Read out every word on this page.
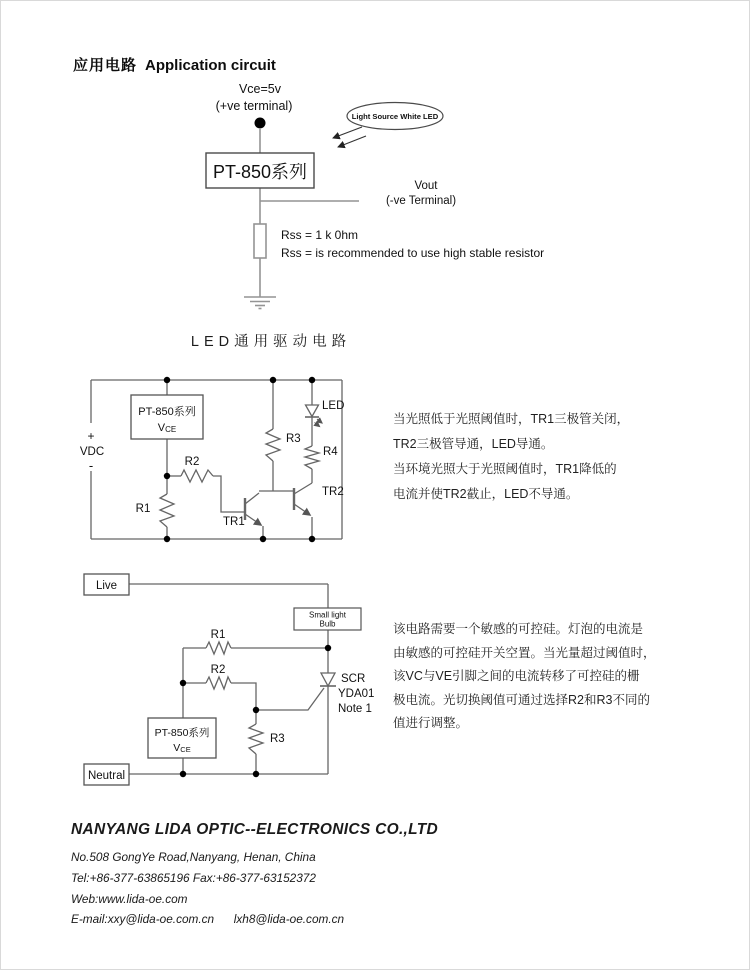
应用电路 Application circuit
PT-850系列
Light Source White LED
Vce=5v
(+ve terminal)
Vout
(-ve Terminal)
Rss = 1 k 0hm
Rss = is recommended to use high stable resistor
LED通用驱动电路
+
VDC
-
PT-850系列
VCE
R1
R2
R3
R4
LED
TR1
TR2
当光照低于光照阈值时，TR1三极管关闭，
TR2三极管导通，LED导通。
当环境光照大于光照阈值时，TR1降低的
电流并使TR2截止，LED不导通。
Live
Small light
Bulb
PT-850系列
VCE
Neutral
R1
R2
R3
SCR
YDA01
Note 1
该电路需要一个敏感的可控硅。灯泡的电流是
由敏感的可控硅开关空置。当光量超过阈值时，
该VC与VE引脚之间的电流转移了可控硅的栅
极电流。光切换阈值可通过选择R2和R3不同的
值进行调整。
NANYANG LIDA OPTIC--ELECTRONICS CO.,LTD
No.508 GongYe Road,Nanyang, Henan, China
Tel:+86-377-63865196 Fax:+86-377-63152372
Web:www.lida-oe.com
E-mail:xxy@lida-oe.com.cn      lxh8@lida-oe.com.cn
